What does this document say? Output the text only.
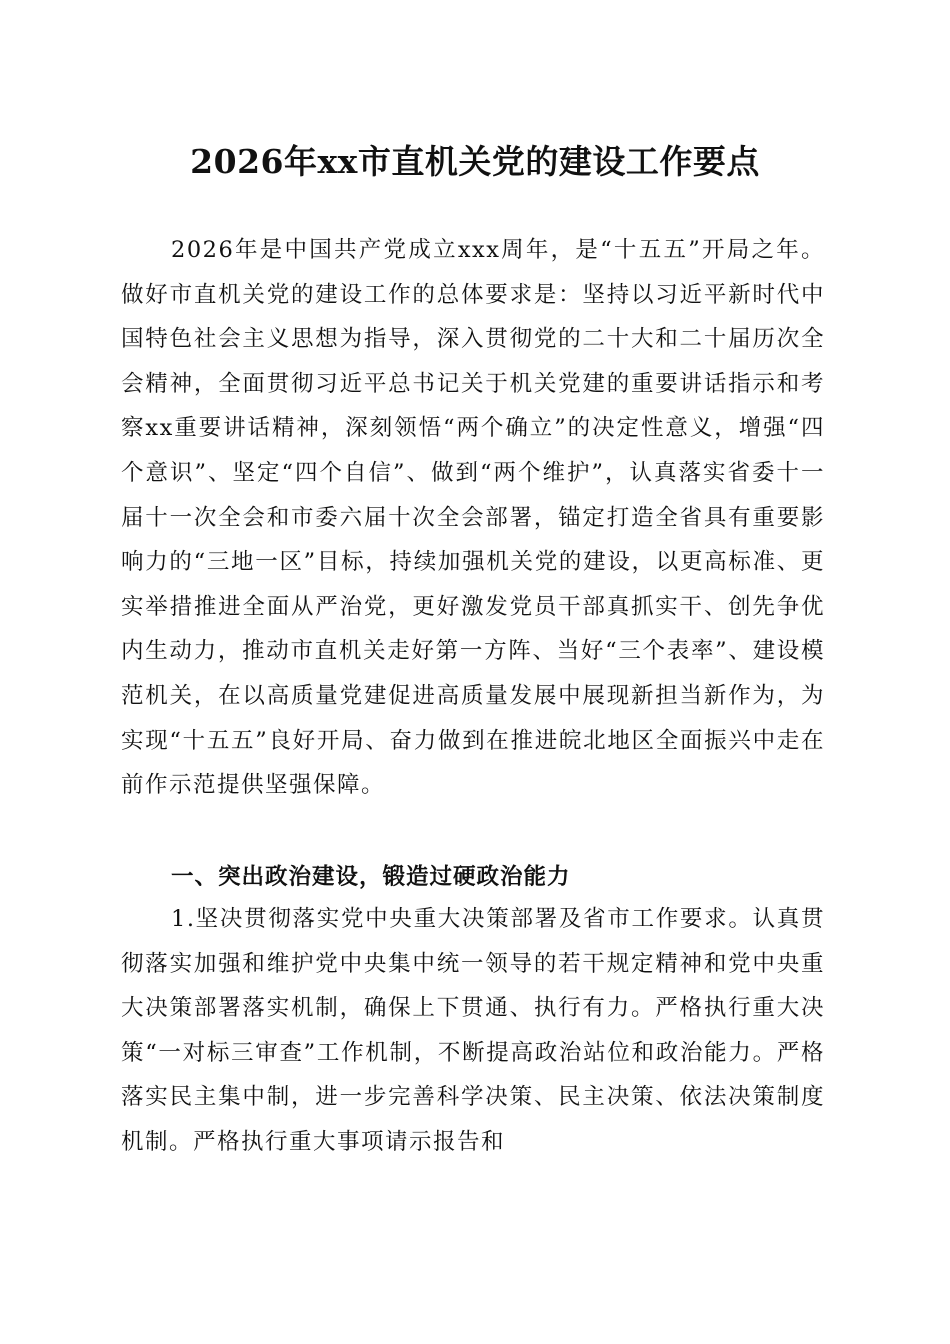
2026年xx市直机关党的建设工作要点

2026年是中国共产党成立xxx周年，是“十五五”开局之年。做好市直机关党的建设工作的总体要求是：坚持以习近平新时代中国特色社会主义思想为指导，深入贯彻党的二十大和二十届历次全会精神，全面贯彻习近平总书记关于机关党建的重要讲话指示和考察xx重要讲话精神，深刻领悟“两个确立”的决定性意义，增强“四个意识”、坚定“四个自信”、做到“两个维护”，认真落实省委十一届十一次全会和市委六届十次全会部署，锚定打造全省具有重要影响力的“三地一区”目标，持续加强机关党的建设，以更高标准、更实举措推进全面从严治党，更好激发党员干部真抓实干、创先争优内生动力，推动市直机关走好第一方阵、当好“三个表率”、建设模范机关，在以高质量党建促进高质量发展中展现新担当新作为，为实现“十五五”良好开局、奋力做到在推进皖北地区全面振兴中走在前作示范提供坚强保障。

一、突出政治建设，锻造过硬政治能力

1.坚决贯彻落实党中央重大决策部署及省市工作要求。认真贯彻落实加强和维护党中央集中统一领导的若干规定精神和党中央重大决策部署落实机制，确保上下贯通、执行有力。严格执行重大决策“一对标三审查”工作机制，不断提高政治站位和政治能力。严格落实民主集中制，进一步完善科学决策、民主决策、依法决策制度机制。严格执行重大事项请示报告和
